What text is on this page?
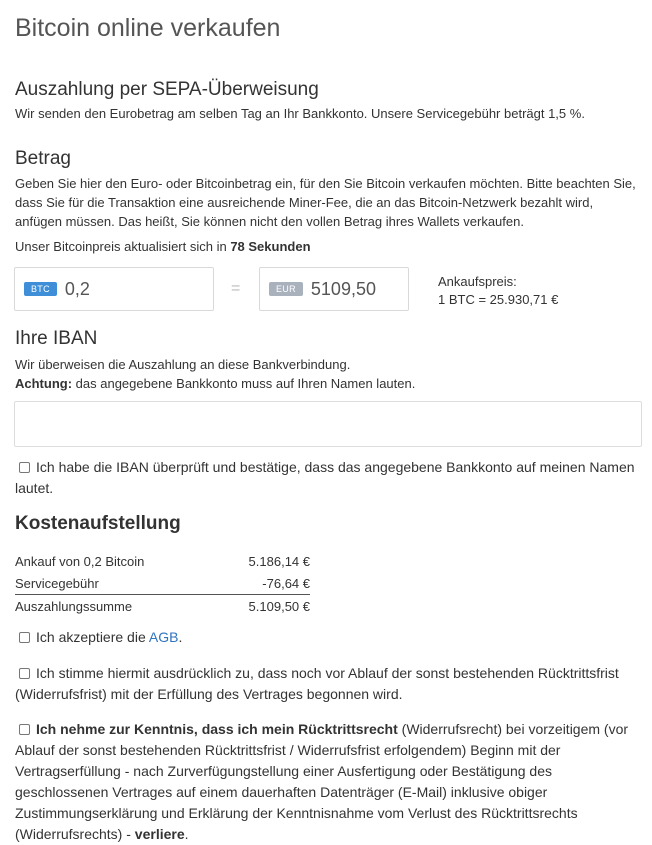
Bitcoin online verkaufen
Auszahlung per SEPA-Überweisung
Wir senden den Eurobetrag am selben Tag an Ihr Bankkonto. Unsere Servicegebühr beträgt 1,5 %.
Betrag
Geben Sie hier den Euro- oder Bitcoinbetrag ein, für den Sie Bitcoin verkaufen möchten. Bitte beachten Sie, dass Sie für die Transaktion eine ausreichende Miner-Fee, die an das Bitcoin-Netzwerk bezahlt wird, anfügen müssen. Das heißt, Sie können nicht den vollen Betrag ihres Wallets verkaufen.
Unser Bitcoinpreis aktualisiert sich in 78 Sekunden
BTC 0,2	=	EUR 5109,50	Ankaufspreis:
1 BTC = 25.930,71 €
Ihre IBAN
Wir überweisen die Auszahlung an diese Bankverbindung.
Achtung: das angegebene Bankkonto muss auf Ihren Namen lauten.
Ich habe die IBAN überprüft und bestätige, dass das angegebene Bankkonto auf meinen Namen lautet.
Kostenaufstellung
Ankauf von 0,2 Bitcoin	5.186,14 €
Servicegebühr	-76,64 €
Auszahlungssumme	5.109,50 €
Ich akzeptiere die AGB.
Ich stimme hiermit ausdrücklich zu, dass noch vor Ablauf der sonst bestehenden Rücktrittsfrist (Widerrufsfrist) mit der Erfüllung des Vertrages begonnen wird.
Ich nehme zur Kenntnis, dass ich mein Rücktrittsrecht (Widerrufsrecht) bei vorzeitigem (vor Ablauf der sonst bestehenden Rücktrittsfrist / Widerrufsfrist erfolgendem) Beginn mit der Vertragserfüllung - nach Zurverfügungstellung einer Ausfertigung oder Bestätigung des geschlossenen Vertrages auf einem dauerhaften Datenträger (E-Mail) inklusive obiger Zustimmungserklärung und Erklärung der Kenntnisnahme vom Verlust des Rücktrittsrechts (Widerrufsrechts) - verliere.
